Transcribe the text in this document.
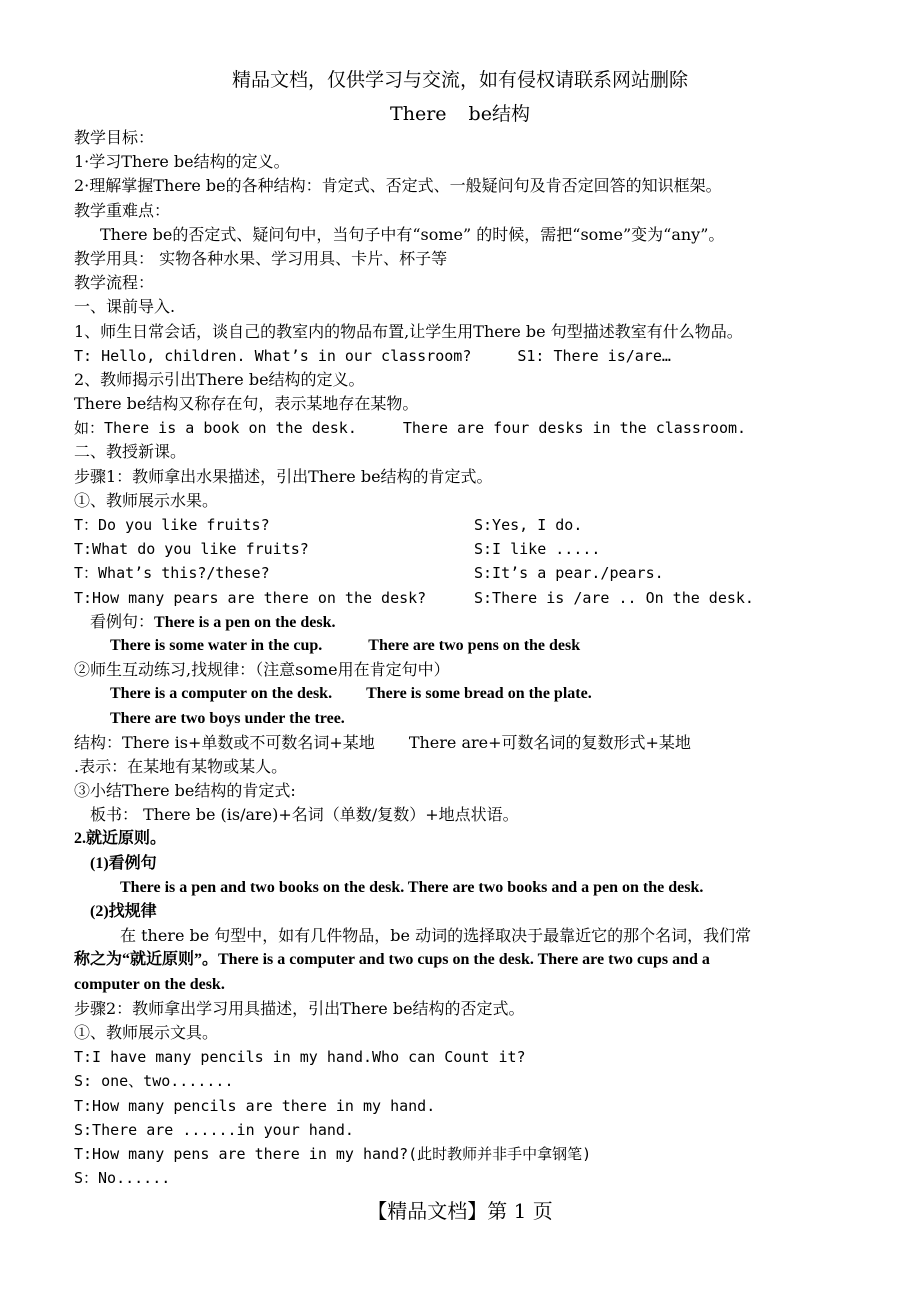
精品文档，仅供学习与交流，如有侵权请联系网站删除
There be结构
教学目标：
1·学习There be结构的定义。
2·理解掌握There be的各种结构：肯定式、否定式、一般疑问句及肯否定回答的知识框架。
教学重难点：
There be的否定式、疑问句中，当句子中有“some” 的时候，需把“some”变为“any”。
教学用具： 实物各种水果、学习用具、卡片、杯子等
教学流程：
一、课前导入.
1、师生日常会话，谈自己的教室内的物品布置,让学生用There be 句型描述教室有什么物品。
T: Hello, children. What’s in our classroom?	S1: There is/are…
2、教师揭示引出There be结构的定义。
There be结构又称存在句，表示某地存在某物。
如：There is a book on the desk.	There are four desks in the classroom.
二、教授新课。
步骤1：教师拿出水果描述，引出There be结构的肯定式。
①、教师展示水果。
T：Do you like fruits?	S:Yes, I do.
T:What do you like fruits?	S:I like .....
T：What’s this?/these?	S:It’s a pear./pears.
T:How many pears are there on the desk?	S:There is /are .. On the desk.
看例句：There is a pen on the desk.
There is some water in the cup.	There are two pens on the desk
②师生互动练习,找规律：（注意some用在肯定句中）
There is a computer on the desk. There is some bread on the plate.
There are two boys under the tree.
结构：There is+单数或不可数名词+某地 There are+可数名词的复数形式+某地
.表示：在某地有某物或某人。
③小结There be结构的肯定式:
板书： There be (is/are)+名词（单数/复数）+地点状语。
2.就近原则。
(1)看例句
There is a pen and two books on the desk. There are two books and a pen on the desk.
(2)找规律
在 there be 句型中，如有几件物品，be 动词的选择取决于最靠近它的那个名词，我们常
称之为“就近原则”。There is a computer and two cups on the desk. There are two cups and a
computer on the desk.
步骤2：教师拿出学习用具描述，引出There be结构的否定式。
①、教师展示文具。
T:I have many pencils in my hand.Who can Count it?
S: one、two.......
T:How many pencils are there in my hand.
S:There are ......in your hand.
T:How many pens are there in my hand?(此时教师并非手中拿钢笔)
S：No......
【精品文档】第 1 页
